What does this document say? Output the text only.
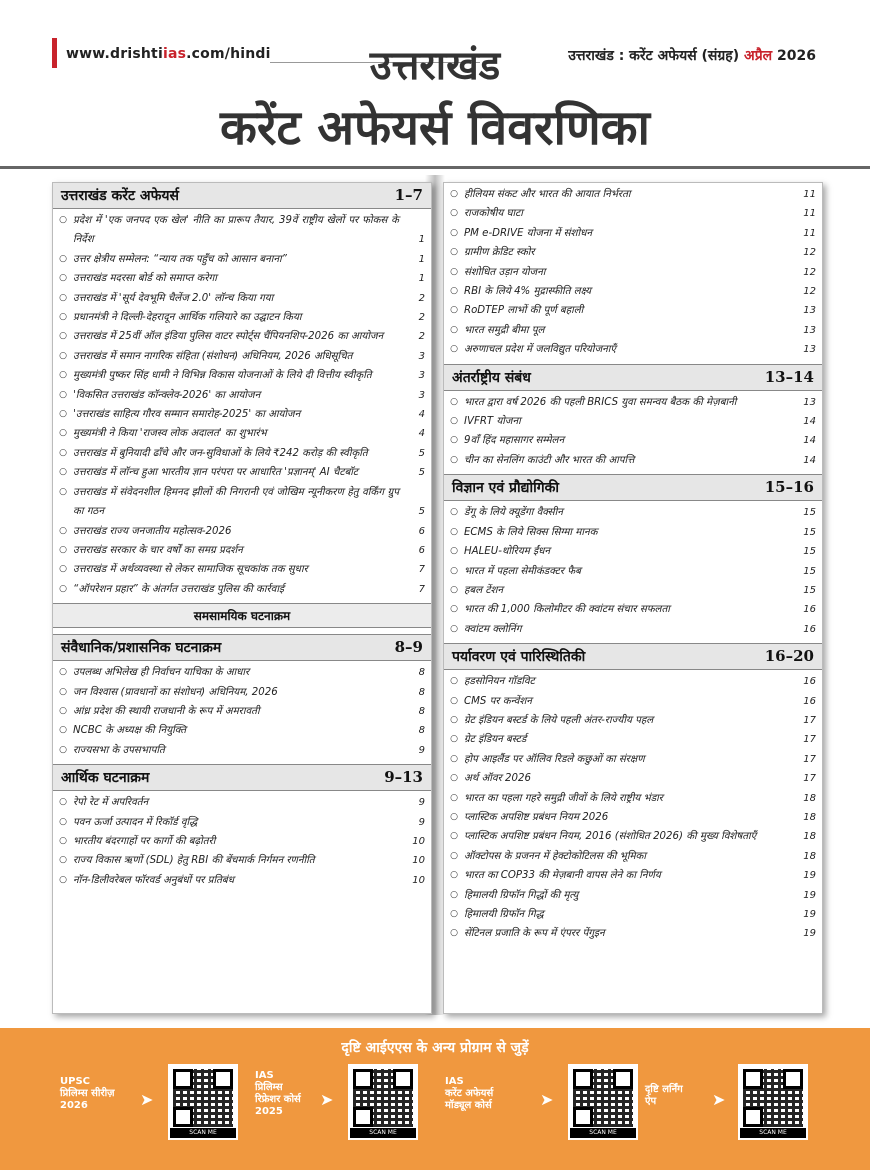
www.drishtiias.com/hindi	उत्तराखंड : करेंट अफेयर्स (संग्रह) अप्रैल 2026
उत्तराखंड
करेंट अफेयर्स विवरणिका
उत्तराखंड करेंट अफेयर्स	1–7
○ प्रदेश में 'एक जनपद एक खेल' नीति का प्रारूप तैयार, 39वें राष्ट्रीय खेलों पर फोकस के निर्देश	1
○ उत्तर क्षेत्रीय सम्मेलन: “न्याय तक पहुँच को आसान बनाना”	1
○ उत्तराखंड मदरसा बोर्ड को समाप्त करेगा	1
○ उत्तराखंड में 'सूर्य देवभूमि चैलेंज 2.0' लॉन्च किया गया	2
○ प्रधानमंत्री ने दिल्ली-देहरादून आर्थिक गलियारे का उद्घाटन किया	2
○ उत्तराखंड में 25वीं ऑल इंडिया पुलिस वाटर स्पोर्ट्स चैंपियनशिप-2026 का आयोजन	2
○ उत्तराखंड में समान नागरिक संहिता (संशोधन) अधिनियम, 2026 अधिसूचित	3
○ मुख्यमंत्री पुष्कर सिंह धामी ने विभिन्न विकास योजनाओं के लिये दी वित्तीय स्वीकृति	3
○ 'विकसित उत्तराखंड कॉन्क्लेव-2026' का आयोजन	3
○ 'उत्तराखंड साहित्य गौरव सम्मान समारोह-2025' का आयोजन	4
○ मुख्यमंत्री ने किया 'राजस्व लोक अदालत' का शुभारंभ	4
○ उत्तराखंड में बुनियादी ढाँचे और जन-सुविधाओं के लिये ₹242 करोड़ की स्वीकृति	5
○ उत्तराखंड में लॉन्च हुआ भारतीय ज्ञान परंपरा पर आधारित 'प्रज्ञानम्' AI चैटबॉट	5
○ उत्तराखंड में संवेदनशील हिमनद झीलों की निगरानी एवं जोखिम न्यूनीकरण हेतु वर्किंग ग्रुप का गठन	5
○ उत्तराखंड राज्य जनजातीय महोत्सव-2026	6
○ उत्तराखंड सरकार के चार वर्षों का समग्र प्रदर्शन	6
○ उत्तराखंड में अर्थव्यवस्था से लेकर सामाजिक सूचकांक तक सुधार	7
○ “ऑपरेशन प्रहार” के अंतर्गत उत्तराखंड पुलिस की कार्रवाई	7
समसामयिक घटनाक्रम
संवैधानिक/प्रशासनिक घटनाक्रम	8–9
○ उपलब्ध अभिलेख ही निर्वाचन याचिका के आधार	8
○ जन विश्वास (प्रावधानों का संशोधन) अधिनियम, 2026	8
○ आंध्र प्रदेश की स्थायी राजधानी के रूप में अमरावती	8
○ NCBC के अध्यक्ष की नियुक्ति	8
○ राज्यसभा के उपसभापति	9
आर्थिक घटनाक्रम	9–13
○ रेपो रेट में अपरिवर्तन	9
○ पवन ऊर्जा उत्पादन में रिकॉर्ड वृद्धि	9
○ भारतीय बंदरगाहों पर कार्गो की बढ़ोतरी	10
○ राज्य विकास ऋणों (SDL) हेतु RBI की बेंचमार्क निर्गमन रणनीति	10
○ नॉन-डिलीवरेबल फॉरवर्ड अनुबंधों पर प्रतिबंध	10
○ हीलियम संकट और भारत की आयात निर्भरता	11
○ राजकोषीय घाटा	11
○ PM e-DRIVE योजना में संशोधन	11
○ ग्रामीण क्रेडिट स्कोर	12
○ संशोधित उड़ान योजना	12
○ RBI के लिये 4% मुद्रास्फीति लक्ष्य	12
○ RoDTEP लाभों की पूर्ण बहाली	13
○ भारत समुद्री बीमा पूल	13
○ अरुणाचल प्रदेश में जलविद्युत परियोजनाएँ	13
अंतर्राष्ट्रीय संबंध	13–14
○ भारत द्वारा वर्ष 2026 की पहली BRICS युवा समन्वय बैठक की मेज़बानी	13
○ IVFRT योजना	14
○ 9वाँ हिंद महासागर सम्मेलन	14
○ चीन का सेनलिंग काउंटी और भारत की आपत्ति	14
विज्ञान एवं प्रौद्योगिकी	15–16
○ डेंगू के लिये क्यूडेंगा वैक्सीन	15
○ ECMS के लिये सिक्स सिग्मा मानक	15
○ HALEU-थोरियम ईंधन	15
○ भारत में पहला सेमीकंडक्टर फैब	15
○ हबल टेंशन	15
○ भारत की 1,000 किलोमीटर की क्वांटम संचार सफलता	16
○ क्वांटम क्लोनिंग	16
पर्यावरण एवं पारिस्थितिकी	16–20
○ हडसोनियन गॉडविट	16
○ CMS पर कन्वेंशन	16
○ ग्रेट इंडियन बस्टर्ड के लिये पहली अंतर-राज्यीय पहल	17
○ ग्रेट इंडियन बस्टर्ड	17
○ होप आइलैंड पर ऑलिव रिडले कछुओं का संरक्षण	17
○ अर्थ ऑवर 2026	17
○ भारत का पहला गहरे समुद्री जीवों के लिये राष्ट्रीय भंडार	18
○ प्लास्टिक अपशिष्ट प्रबंधन नियम 2026	18
○ प्लास्टिक अपशिष्ट प्रबंधन नियम, 2016 (संशोधित 2026) की मुख्य विशेषताएँ	18
○ ऑक्टोपस के प्रजनन में हेक्टोकोटिलस की भूमिका	18
○ भारत का COP33 की मेज़बानी वापस लेने का निर्णय	19
○ हिमालयी ग्रिफॉन गिद्धों की मृत्यु	19
○ हिमालयी ग्रिफॉन गिद्ध	19
○ सेंटिनल प्रजाति के रूप में एंपरर पेंगुइन	19
दृष्टि आईएएस के अन्य प्रोग्राम से जुड़ें
UPSC
प्रिलिम्स सीरीज़
2026	➤
SCAN ME
IAS
प्रिलिम्स
रिफ्रेशर कोर्स
2025
➤
SCAN ME
IAS
करेंट अफेयर्स
मॉड्यूल कोर्स	➤
SCAN ME
दृष्टि लर्निंग
ऐप	➤
SCAN ME
